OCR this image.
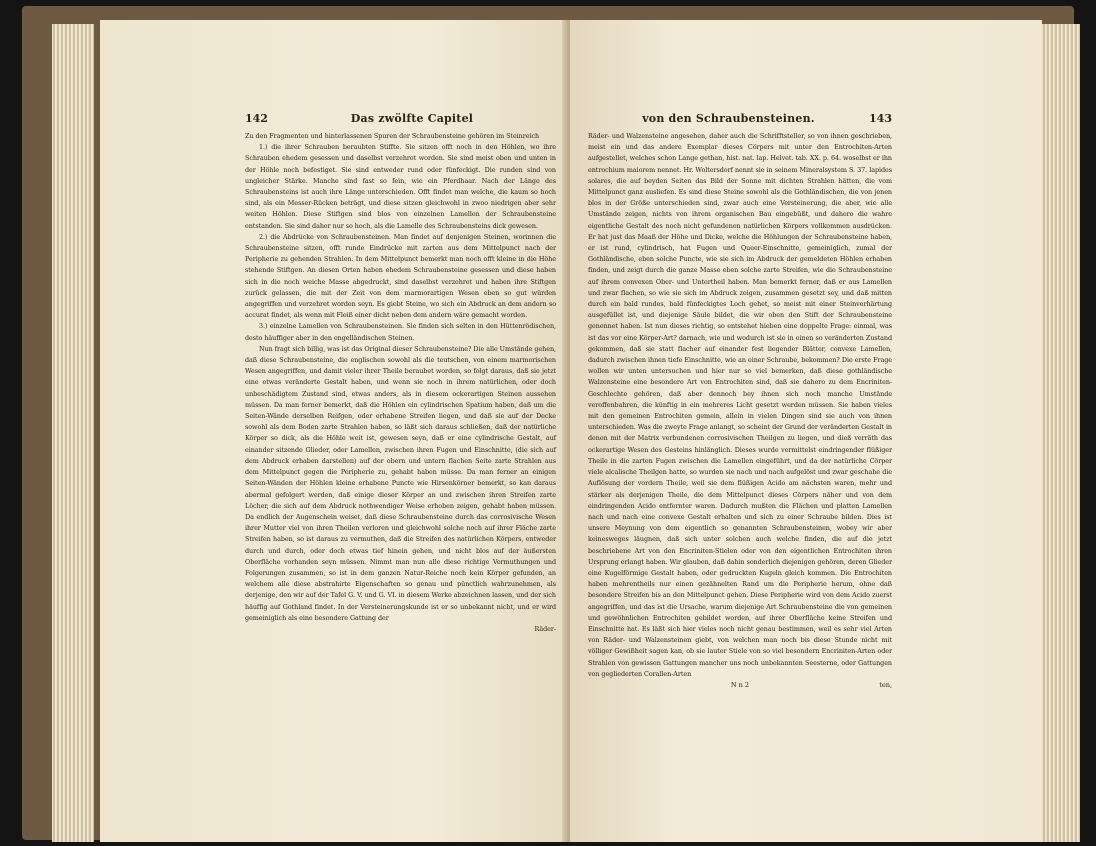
142	Das zwölfte Capitel

Zu den Fragmenten und hinterlassenen Spuren der Schraubensteine gehören im Steinreich

1.) die ihrer Schrauben beraubten Stiffte. Sie sitzen offt noch in den Höhlen, wo ihre Schrauben ehedem gesessen und daselbst verzehret worden. Sie sind meist oben und unten in der Höhle noch befestiget. Sie sind entweder rund oder fünfeckigt. Die runden sind von ungleicher Stärke. Manche sind fast so fein, wie ein Pferdhaar. Nach der Länge des Schraubensteins ist auch ihre Länge unterschieden. Offt findet man welche, die kaum so hoch sind, als ein Messer-Rücken beträgt, und diese sitzen gleichwohl in zwoo niedrigen aber sehr weiten Höhlen. Diese Stiftgen sind blos von einzelnen Lamellen der Schraubensteine entstanden. Sie sind daher nur so hoch, als die Lamelle des Schraubensteins dick gewesen.

2.) die Abdrücke von Schraubensteinen. Man findet auf denjenigen Steinen, worinnen die Schraubensteine sitzen, offt runde Eindrücke mit zarten aus dem Mittelpunct nach der Peripherie zu gehenden Strahlen. In dem Mittelpunct bemerkt man noch offt kleine in die Höhe stehende Stiftgen. An diesen Orten haben ehedem Schraubensteine gesessen und diese haben sich in die noch weiche Masse abgedruckt, sind daselbst verzehret und haben ihre Stiftgen zurück gelassen, die mit der Zeit von dem marmorartigen Wesen eben so gut würden angegriffen und verzehret worden seyn. Es giebt Steine, wo sich ein Abdruck an dem andern so accurat findet, als wenn mit Fleiß einer dicht neben dem andern wäre gemacht worden.

3.) einzelne Lamellen von Schraubensteinen. Sie finden sich selten in den Hüttenrödischen, desto häuffiger aber in den engelländischen Steinen.

Nun fragt sich billig, was ist das Original dieser Schraubensteine? Die alle Umstände gehen, daß diese Schraubensteine, die englischen sowohl als die teutschen, von einem marmorischen Wesen angegriffen, und damit vieler ihrer Theile beraubet worden, so folgt daraus, daß sie jetzt eine etwas veränderte Gestalt haben, und wenn sie noch in ihrem natürlichen, oder doch unbeschädigtem Zustand sind, etwas anders, als in diesem ockerartigen Steinen aussehen müssen. Da man ferner bemerkt, daß die Höhlen ein cylindrischen Spatium haben, daß um die Seiten-Wände derselben Reifgen, oder erhabene Streifen liegen, und daß sie auf der Decke sowohl als dem Boden zarte Strahlen haben, so läßt sich daraus schließen, daß der natürliche Körper so dick, als die Höhle weit ist, gewesen seyn, daß er eine cylindrische Gestalt, auf einander sitzende Glieder, oder Lamellen, zwischen ihren Fugen und Einschnitte, (die sich auf dem Abdruck erhaben darstellen) auf der obern und untern flachen Seite zarte Strahlen aus dem Mittelpunct gegen die Peripherie zu, gehabt haben müsse. Da man ferner an einigen Seiten-Wänden der Höhlen kleine erhabene Puncte wie Hirsenkörner bemerkt, so kan daraus abermal gefolgert werden, daß einige dieser Körper an und zwischen ihren Streifen zarte Löcher, die sich auf dem Abdruck nothwendiger Weise erhoben zeigen, gehabt haben müssen. Da endlich der Augenschein weiset, daß diese Schraubensteine durch das corrosivische Wesen ihrer Mutter viel von ihren Theilen verloren und gleichwohl solche noch auf ihrer Fläche zarte Streifen haben, so ist daraus zu vermuthen, daß die Streifen des natürlichen Körpers, entweder durch und durch, oder doch etwas tief hinein gehen, und nicht blos auf der äußersten Oberfläche vorhanden seyn müssen. Nimmt man nun alle diese richtige Vermuthungen und Folgerungen zusammen, so ist in dem ganzen Natur-Reiche noch kein Körper gefunden, an welchem alle diese abstrahirte Eigenschaften so genau und pünctlich wahrzunehmen, als derjenige, den wir auf der Tafel G. V. und G. VI. in diesem Werke abzeichnen lassen, und der sich häuffig auf Gothland findet. In der Versteinerungskunde ist er so unbekannt nicht, und er wird gemeiniglich als eine besondere Gattung der

Räder-
von den Schraubensteinen.	143

Räder- und Walzensteine angesehen, daher auch die Schrifftsteller, so von ihnen geschrieben, meist ein und das andere Exemplar dieses Cörpers mit unter den Entrochiten-Arten aufgestellet, welches schon Lange gethan, hist. nat. lap. Helvet. tab. XX. p. 64. woselbst er ihn entrochium maiorem nennet. Hr. Woltersdorf nennt sie in seinem Mineralsystem S. 37. lapides solares, die auf beyden Seiten das Bild der Sonne mit dichten Strahlen hätten, die vom Mittelpunct ganz ausliefen. Es sind diese Steine sowohl als die Gothländischen, die von jenen blos in der Größe unterschieden sind, zwar auch eine Versteinerung, die aber, wie alle Umstände zeigen, nichts von ihrem organischen Bau eingebüßt, und dahero die wahre eigentliche Gestalt des noch nicht gefundenen natürlichen Körpers vollkommen ausdrücken. Er hat just das Maaß der Höhe und Dicke, welche die Höhlungen der Schraubensteine haben, er ist rund, cylindrisch, hat Fugen und Queer-Einschnitte, gemeiniglich, zumal der Gothländische, eben solche Puncte, wie sie sich im Abdruck der gemeldeten Höhlen erhaben finden, und zeigt durch die ganze Masse eben solche zarte Streifen, wie die Schraubensteine auf ihrem convexen Ober- und Untertheil haben. Man bemerkt ferner, daß er aus Lamellen und zwar flachen, so wie sie sich im Abdruck zeigen, zusammen gesetzt sey, und daß mitten durch ein bald rundes, bald fünfeckigtes Loch gehet, so meist mit einer Steinverhärtung ausgefüllet ist, und diejenige Säule bildet, die wir oben den Stift der Schraubensteine genennet haben. Ist nun dieses richtig, so entstehet hieben eine doppelte Frage: einmal, was ist das vor eine Körper-Art? darnach, wie und wodurch ist sie in einen so veränderten Zustand gekommen, daß sie statt flacher auf einander fest liegender Blätter, convexe Lamellen, dadurch zwischen ihnen tiefe Einschnitte, wie an einer Schraube, bekommen? Die erste Frage wollen wir unten untersuchen und hier nur so viel bemerken, daß diese gothländische Walzensteine eine besondere Art von Entrochiten sind, daß sie dahero zu dem Encriniten-Geschlechte gehören, daß aber dennoch bey ihnen sich noch manche Umstände veroffenbahren, die künftig in ein mehreres Licht gesetzt werden müssen. Sie haben vieles mit den gemeinen Entrochiten gemein, allein in vielen Dingen sind sie auch von ihnen unterschieden. Was die zweyte Frage anlangt, so scheint der Grund der veränderten Gestalt in denen mit der Matrix verbundenen corrosivischen Theilgen zu liegen, und dieß verräth das ockerartige Wesen des Gesteins hinlänglich. Dieses wurde vermittelst eindringender flüßiger Theile in die zarten Fugen zwischen die Lamellen eingeführt, und da der natürliche Cörper viele alcalische Theilgen hatte, so wurden sie nach und nach aufgelöst und zwar geschahe die Auflösung der vordern Theile, weil sie dem flüßigen Acido am nächsten waren, mehr und stärker als derjenigen Theile, die dem Mittelpunct dieses Cörpers näher und von dem eindringenden Acido entfernter waren. Dadurch mußten die Flächen und platten Lamellen nach und nach eine convexe Gestalt erhalten und sich zu einer Schraube bilden. Dies ist unsere Meynung von dem eigentlich so genannten Schraubensteinen, wobey wir aber keinesweges läugnen, daß sich unter solchen auch welche finden, die auf die jetzt beschriebene Art von den Encriniten-Stielen oder von den eigentlichen Entrochiten ihren Ursprung erlangt haben. Wir glauben, daß dahin sonderlich diejenigen gehören, deren Glieder eine Kugelförmige Gestalt haben, oder gedruckten Kugeln gleich kommen. Die Entrochiten haben mehrentheils nur einen gezähnelten Rand um die Peripherie herum, ohne daß besondere Streifen bis an den Mittelpunct gehen. Diese Peripherie wird von dem Acido zuerst angegriffen, und das ist die Ursache, warum diejenige Art Schraubensteine die von gemeinen und gewöhnlichen Entrochiten gebildet worden, auf ihrer Oberfläche keine Streifen und Einschnitte hat. Es läßt sich hier vieles noch nicht genau bestimmen, weil es sehr viel Arten von Räder- und Walzensteinen giebt, von welchen man noch bis diese Stunde nicht mit völliger Gewißheit sagen kan, ob sie lauter Stiele von so viel besondern Encriniten-Arten oder Strahlen von gewissen Gattungen mancher uns noch unbekannten Seesterne, oder Gattungen von gegliederten Corallen-Arten

N n 2	ten,
